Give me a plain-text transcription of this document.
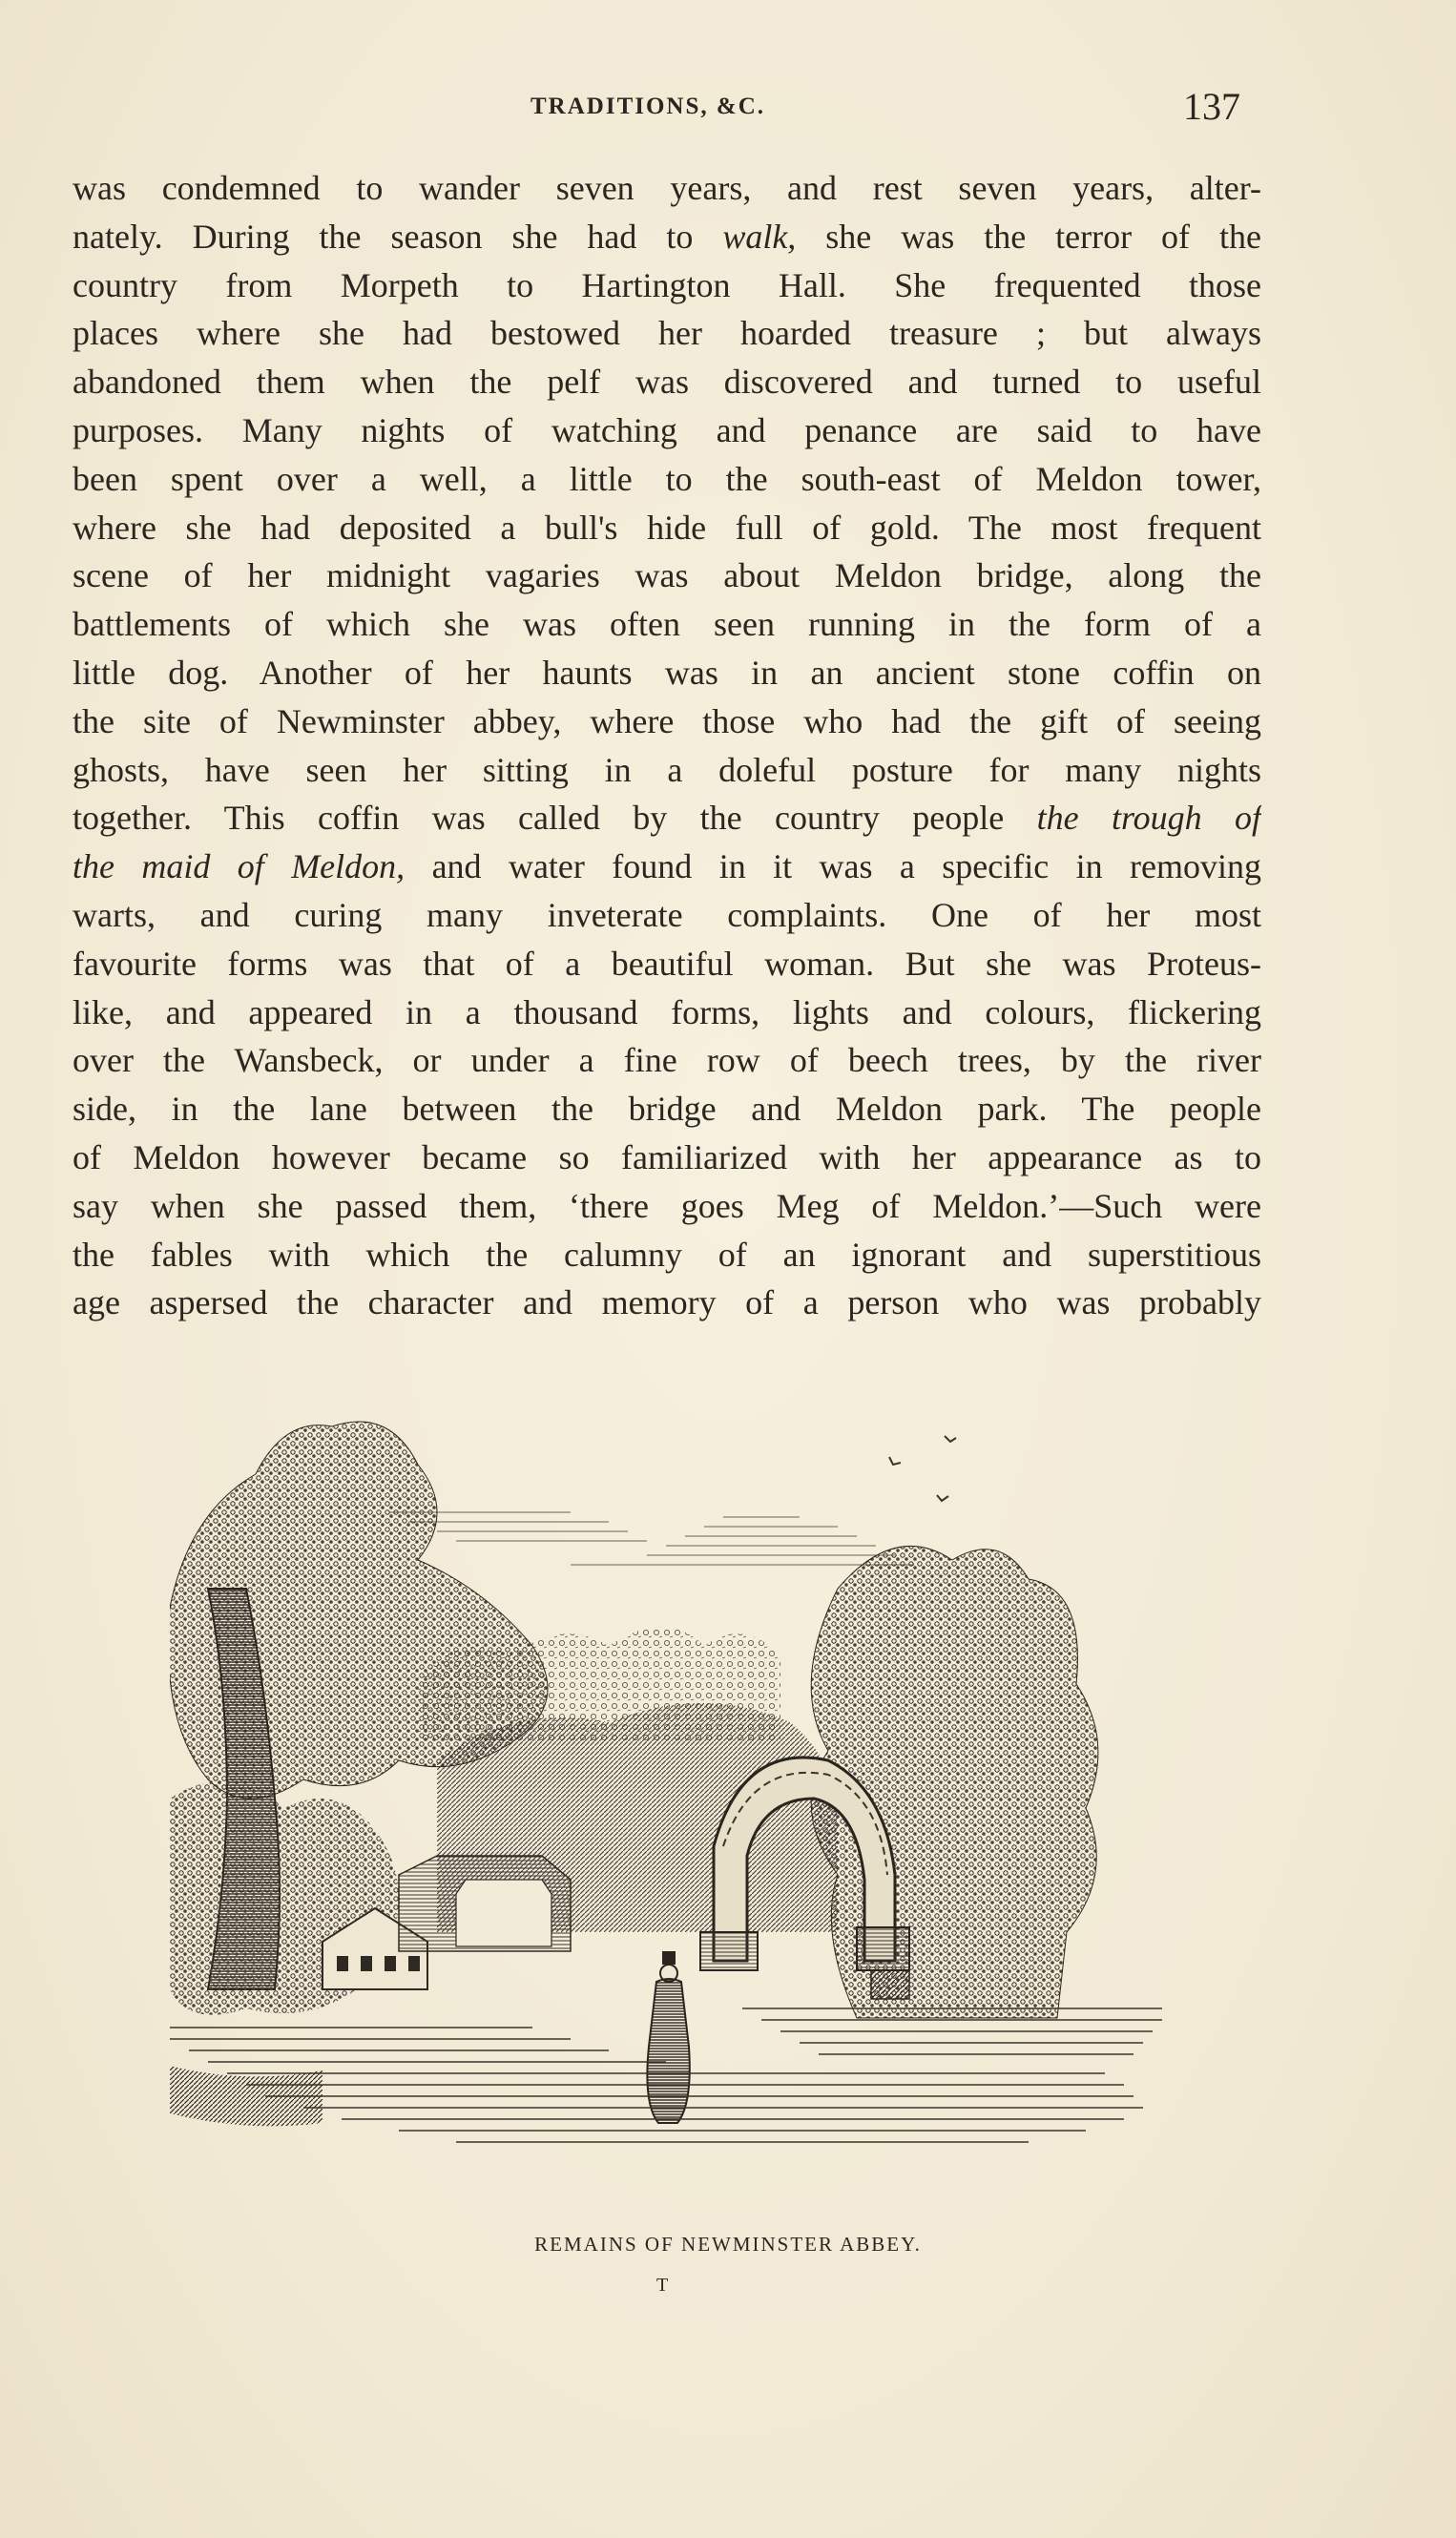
TRADITIONS, &C.	137
was condemned to wander seven years, and rest seven years, alter-
nately. During the season she had to walk, she was the terror of the
country from Morpeth to Hartington Hall. She frequented those
places where she had bestowed her hoarded treasure ; but always
abandoned them when the pelf was discovered and turned to useful
purposes. Many nights of watching and penance are said to have
been spent over a well, a little to the south-east of Meldon tower,
where she had deposited a bull's hide full of gold. The most frequent
scene of her midnight vagaries was about Meldon bridge, along the
battlements of which she was often seen running in the form of a
little dog. Another of her haunts was in an ancient stone coffin on
the site of Newminster abbey, where those who had the gift of seeing
ghosts, have seen her sitting in a doleful posture for many nights
together. This coffin was called by the country people the trough of
the maid of Meldon, and water found in it was a specific in removing
warts, and curing many inveterate complaints. One of her most
favourite forms was that of a beautiful woman. But she was Proteus-
like, and appeared in a thousand forms, lights and colours, flickering
over the Wansbeck, or under a fine row of beech trees, by the river
side, in the lane between the bridge and Meldon park. The people
of Meldon however became so familiarized with her appearance as to
say when she passed them, ‘there goes Meg of Meldon.’—Such were
the fables with which the calumny of an ignorant and superstitious
age aspersed the character and memory of a person who was probably
REMAINS OF NEWMINSTER ABBEY.
T
